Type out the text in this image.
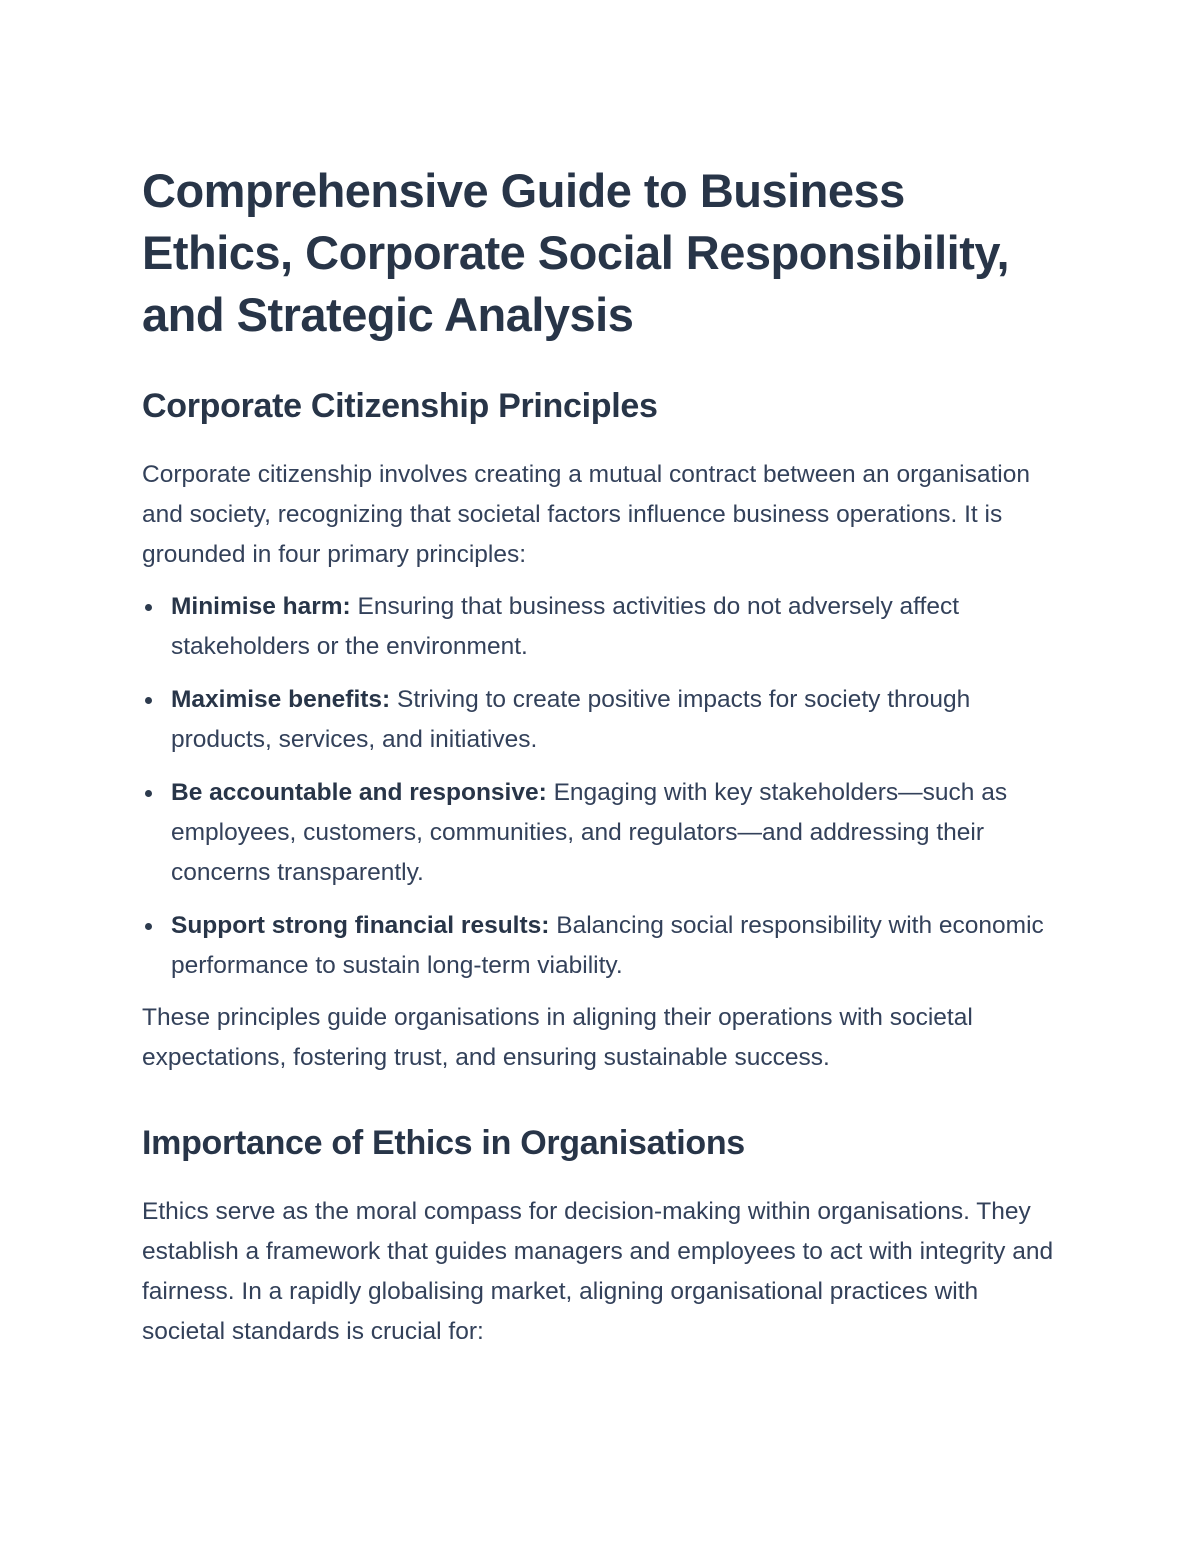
Comprehensive Guide to Business Ethics, Corporate Social Responsibility, and Strategic Analysis
Corporate Citizenship Principles

Corporate citizenship involves creating a mutual contract between an organisation and society, recognizing that societal factors influence business operations. It is grounded in four primary principles:

Minimise harm: Ensuring that business activities do not adversely affect stakeholders or the environment.
Maximise benefits: Striving to create positive impacts for society through products, services, and initiatives.
Be accountable and responsive: Engaging with key stakeholders—such as employees, customers, communities, and regulators—and addressing their concerns transparently.
Support strong financial results: Balancing social responsibility with economic performance to sustain long-term viability.

These principles guide organisations in aligning their operations with societal expectations, fostering trust, and ensuring sustainable success.

Importance of Ethics in Organisations

Ethics serve as the moral compass for decision-making within organisations. They establish a framework that guides managers and employees to act with integrity and fairness. In a rapidly globalising market, aligning organisational practices with societal standards is crucial for:
